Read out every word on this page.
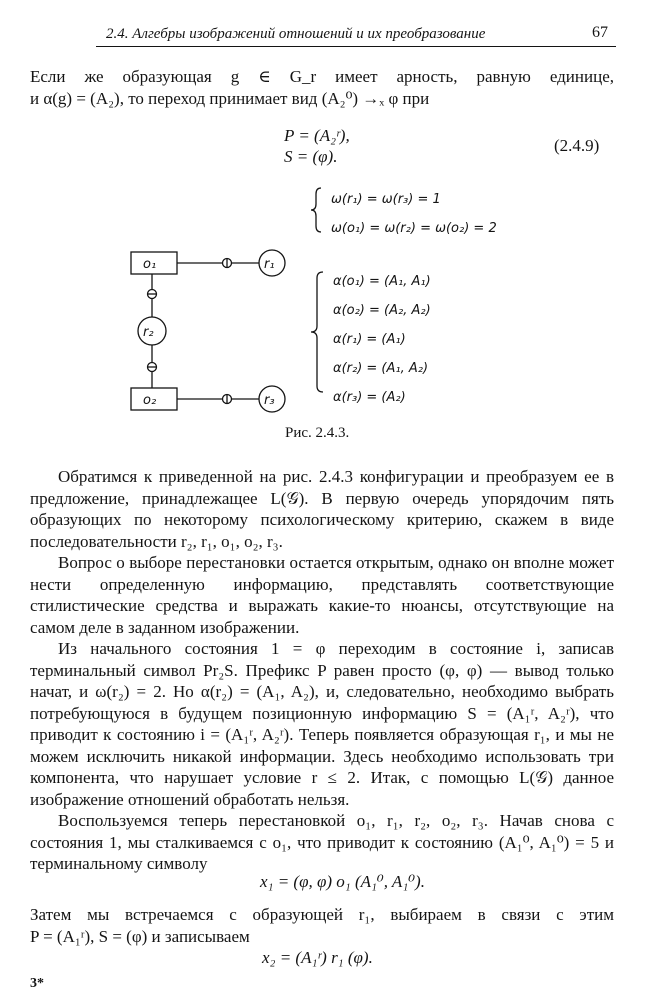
2.4. Алгебры изображений отношений и их преобразование	67
Если же образующая g ∈ G_r имеет арность, равную единице,
и α(g) = (A₂), то переход принимает вид (A₂⁰) →ₓ φ при
P = (A₂ʳ),
S = (φ).
(2.4.9)
o₁
o₂
r₁
r₂
r₃
ω(r₁) = ω(r₃) = 1
ω(o₁) = ω(r₂) = ω(o₂) = 2
α(o₁) = (A₁, A₁)
α(o₂) = (A₂, A₂)
α(r₁) = (A₁)
α(r₂) = (A₁, A₂)
α(r₃) = (A₂)
Рис. 2.4.3.

Обратимся к приведенной на рис. 2.4.3 конфигурации и преобразуем ее в предложение, принадлежащее L(𝒢). В первую очередь упорядочим пять образующих по некоторому психологическому критерию, скажем в виде последовательности r₂, r₁, o₁, o₂, r₃.

Вопрос о выборе перестановки остается открытым, однако он вполне может нести определенную информацию, представлять соответствующие стилистические средства и выражать какие-то нюансы, отсутствующие на самом деле в заданном изображении.

Из начального состояния 1 = φ переходим в состояние i, записав терминальный символ Pr₂S. Префикс P равен просто (φ, φ) — вывод только начат, и ω(r₂) = 2. Но α(r₂) = (A₁, A₂), и, следовательно, необходимо выбрать потребующуюся в будущем позиционную информацию S = (A₁ʳ, A₂ʳ), что приводит к состоянию i = (A₁ʳ, A₂ʳ). Теперь появляется образующая r₁, и мы не можем исключить никакой информации. Здесь необходимо использовать три компонента, что нарушает условие r ≤ 2. Итак, с помощью L(𝒢) данное изображение отношений обработать нельзя.

Воспользуемся теперь перестановкой o₁, r₁, r₂, o₂, r₃. Начав снова с состояния 1, мы сталкиваемся с o₁, что приводит к состоянию (A₁⁰, A₁⁰) = 5 и терминальному символу

x₁ = (φ, φ) o₁ (A₁⁰, A₁⁰).
Затем мы встречаемся с образующей r₁, выбираем в связи с этим
P = (A₁ʳ), S = (φ) и записываем
x₂ = (A₁ʳ) r₁ (φ).
3*
